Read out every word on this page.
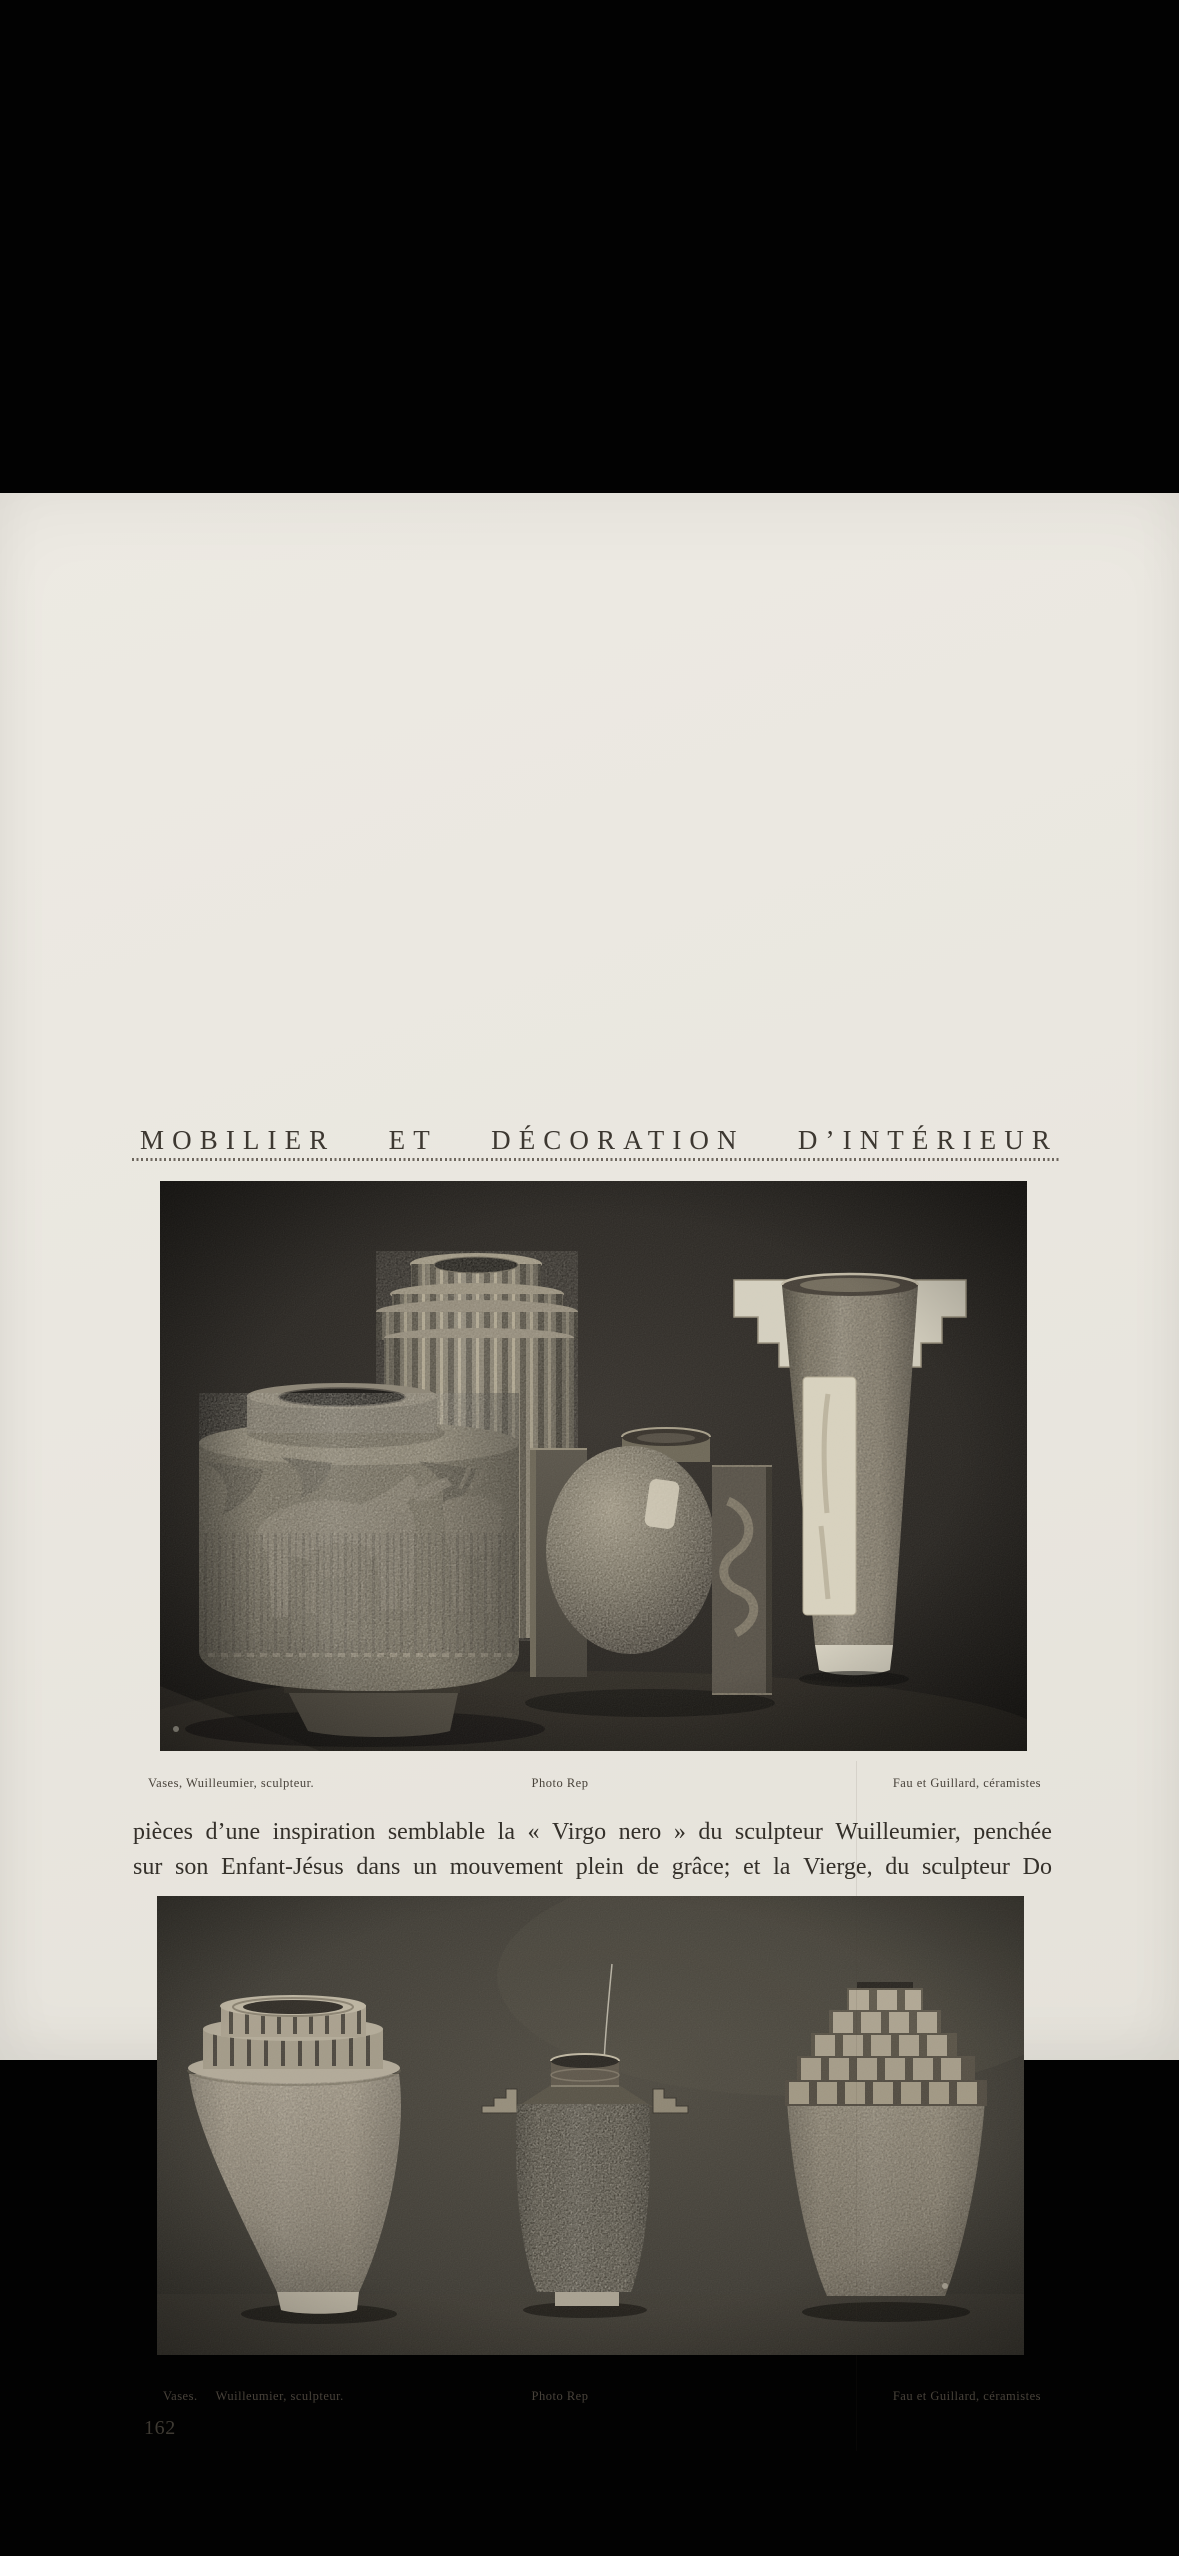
MOBILIER ET DÉCORATION D’INTÉRIEUR
Vases, Wuilleumier, sculpteur.	Photo Rep	Fau et Guillard, céramistes
pièces d’une inspiration semblable la « Virgo nero » du sculpteur Wuilleumier, penchée
sur son Enfant-Jésus dans un mouvement plein de grâce; et la Vierge, du sculpteur Do
Vases. Wuilleumier, sculpteur.	Photo Rep	Fau et Guillard, céramistes
162
